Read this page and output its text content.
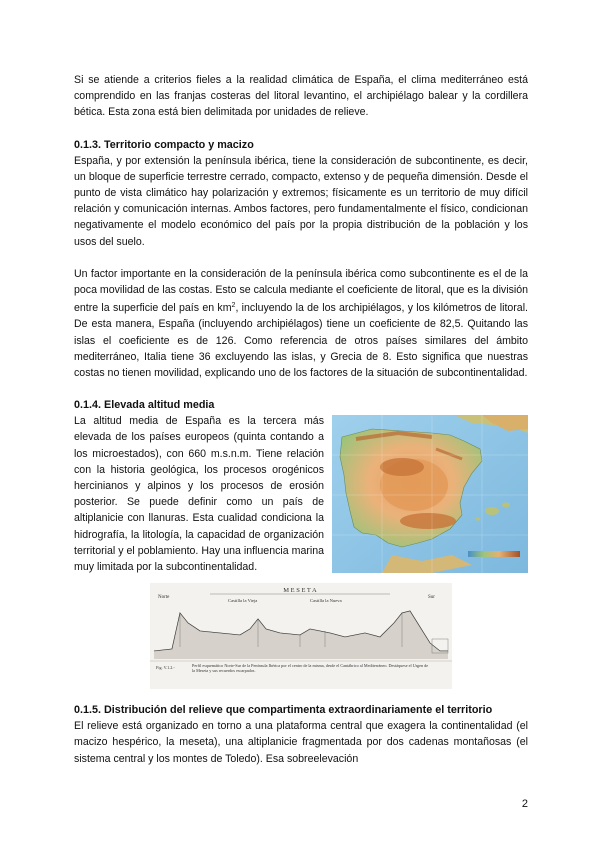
Si se atiende a criterios fieles a la realidad climática de España, el clima mediterráneo está comprendido en las franjas costeras del litoral levantino, el archipiélago balear y la cordillera bética. Esta zona está bien delimitada por unidades de relieve.

0.1.3. Territorio compacto y macizo

España, y por extensión la península ibérica, tiene la consideración de subcontinente, es decir, un bloque de superficie terrestre cerrado, compacto, extenso y de pequeña dimensión. Desde el punto de vista climático hay polarización y extremos; físicamente es un territorio de muy difícil relación y comunicación internas. Ambos factores, pero fundamentalmente el físico, condicionan negativamente el modelo económico del país por la propia distribución de la población y los usos del suelo.

Un factor importante en la consideración de la península ibérica como subcontinente es el de la poca movilidad de las costas. Esto se calcula mediante el coeficiente de litoral, que es la división entre la superficie del país en $km^2$, incluyendo la de los archipiélagos, y los kilómetros de litoral. De esta manera, España (incluyendo archipiélagos) tiene un coeficiente de 82,5. Quitando las islas el coeficiente es de 126. Como referencia de otros países similares del ámbito mediterráneo, Italia tiene 36 excluyendo las islas, y Grecia de 8. Esto significa que nuestras costas no tienen movilidad, explicando uno de los factores de la situación de subcontinentalidad.

0.1.4. Elevada altitud media

La altitud media de España es la tercera más elevada de los países europeos (quinta contando a los microestados), con 660 m.s.n.m. Tiene relación con la historia geológica, los procesos orogénicos hercinianos y alpinos y los procesos de erosión posterior. Se puede definir como un país de altiplanicie con llanuras. Esta cualidad condiciona la hidrografía, la litología, la capacidad de organización territorial y el poblamiento. Hay una influencia marina muy limitada por la subcontinentalidad.

M E S E T A
Norte	Sur
Castilla la Vieja	Castilla la Nueva
Fig. V.1.2.-	Perfil esquemático Norte-Sur de la Península Ibérica por el centro de la misma, desde el Cantábrico al Mediterráneo. Destáquese el Urgen de la Meseta y sus recuerdos escarpados.
0.1.5. Distribución del relieve que compartimenta extraordinariamente el territorio

El relieve está organizado en torno a una plataforma central que exagera la continentalidad (el macizo hespérico, la meseta), una altiplanicie fragmentada por dos cadenas montañosas (el sistema central y los montes de Toledo). Esa sobreelevación

2
